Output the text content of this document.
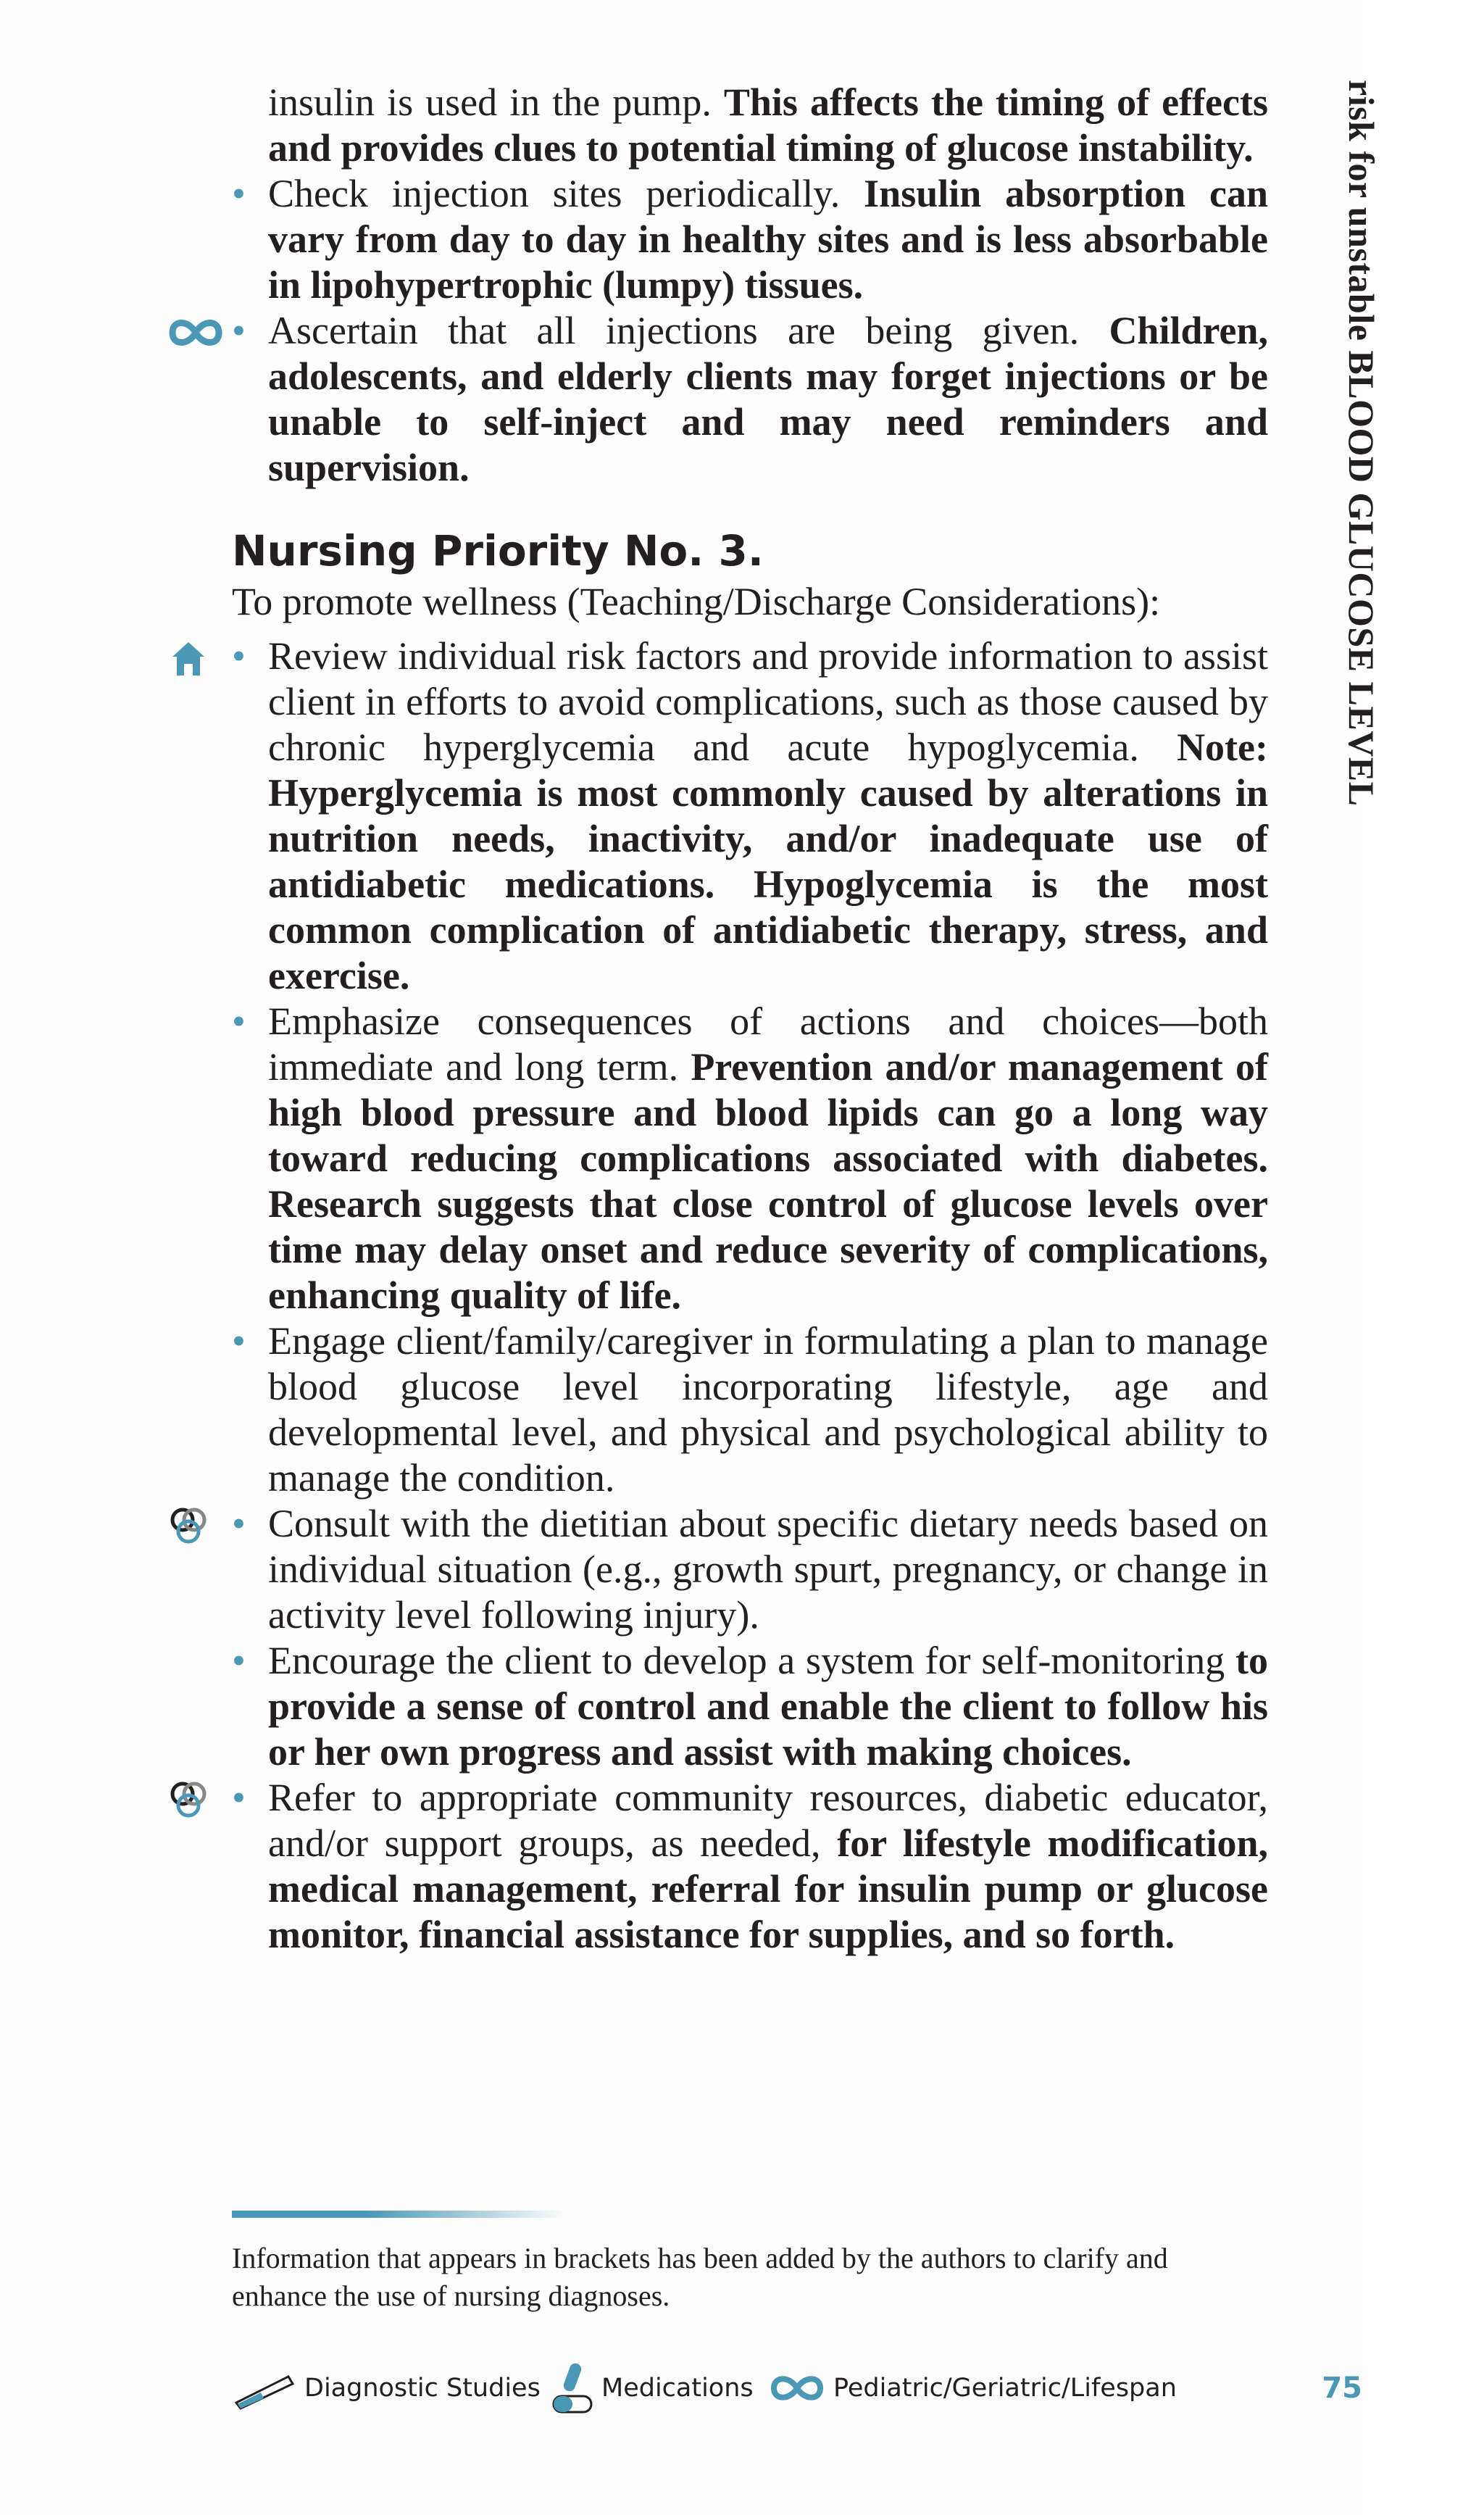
risk for unstable BLOOD GLUCOSE LEVEL

insulin is used in the pump. This affects the timing of effects and provides clues to potential timing of glucose instability.

• Check injection sites periodically. Insulin absorption can vary from day to day in healthy sites and is less absorbable in lipohypertrophic (lumpy) tissues.
• Ascertain that all injections are being given. Children, adolescents, and elderly clients may forget injections or be unable to self-inject and may need reminders and supervision.
Nursing Priority No. 3.
To promote wellness (Teaching/Discharge Considerations):
• Review individual risk factors and provide information to assist client in efforts to avoid complications, such as those caused by chronic hyperglycemia and acute hypoglycemia. Note: Hyperglycemia is most commonly caused by alterations in nutrition needs, inactivity, and/or inadequate use of antidiabetic medications. Hypoglycemia is the most common complication of antidiabetic therapy, stress, and exercise.
• Emphasize consequences of actions and choices—both immediate and long term. Prevention and/or management of high blood pressure and blood lipids can go a long way toward reducing complications associated with diabetes. Research suggests that close control of glucose levels over time may delay onset and reduce severity of complications, enhancing quality of life.
• Engage client/family/caregiver in formulating a plan to manage blood glucose level incorporating lifestyle, age and developmental level, and physical and psychological ability to manage the condition.
• Consult with the dietitian about specific dietary needs based on individual situation (e.g., growth spurt, pregnancy, or change in activity level following injury).
• Encourage the client to develop a system for self-monitoring to provide a sense of control and enable the client to follow his or her own progress and assist with making choices.
• Refer to appropriate community resources, diabetic educator, and/or support groups, as needed, for lifestyle modification, medical management, referral for insulin pump or glucose monitor, financial assistance for supplies, and so forth.
Information that appears in brackets has been added by the authors to clarify and enhance the use of nursing diagnoses.
Diagnostic Studies Medications	Pediatric/Geriatric/Lifespan	75
